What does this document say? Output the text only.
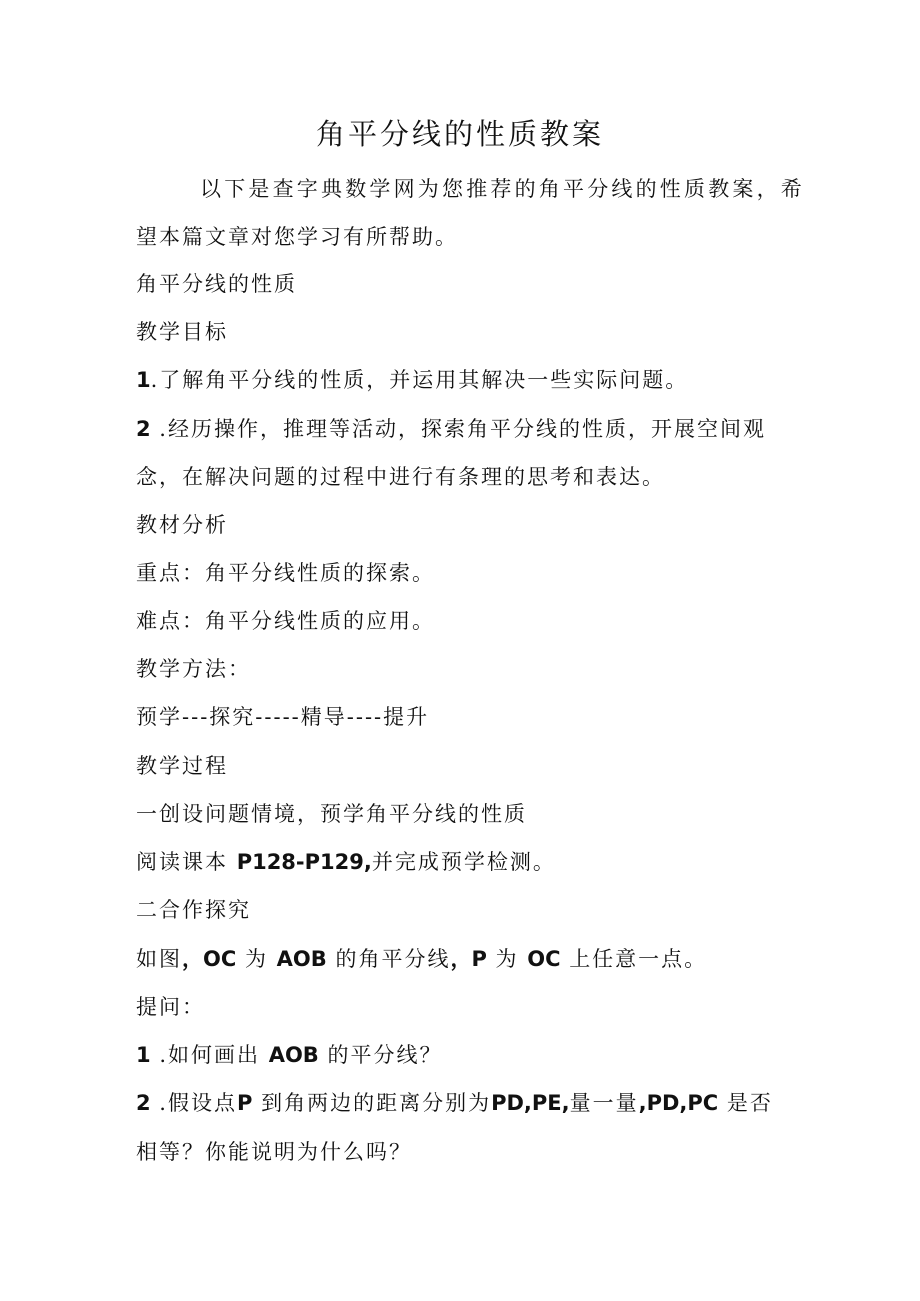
角平分线的性质教案
以下是查字典数学网为您推荐的角平分线的性质教案，希
望本篇文章对您学习有所帮助。
角平分线的性质
教学目标
1.了解角平分线的性质，并运用其解决一些实际问题。
2 .经历操作，推理等活动，探索角平分线的性质，开展空间观
念，在解决问题的过程中进行有条理的思考和表达。
教材分析
重点：角平分线性质的探索。
难点：角平分线性质的应用。
教学方法：
预学---探究-----精导----提升
教学过程
一创设问题情境，预学角平分线的性质
阅读课本 P128-P129,并完成预学检测。
二合作探究
如图，OC 为 AOB 的角平分线，P 为 OC 上任意一点。
提问：
1 .如何画出 AOB 的平分线？
2 .假设点P 到角两边的距离分别为PD,PE,量一量,PD,PC 是否
相等？你能说明为什么吗？
